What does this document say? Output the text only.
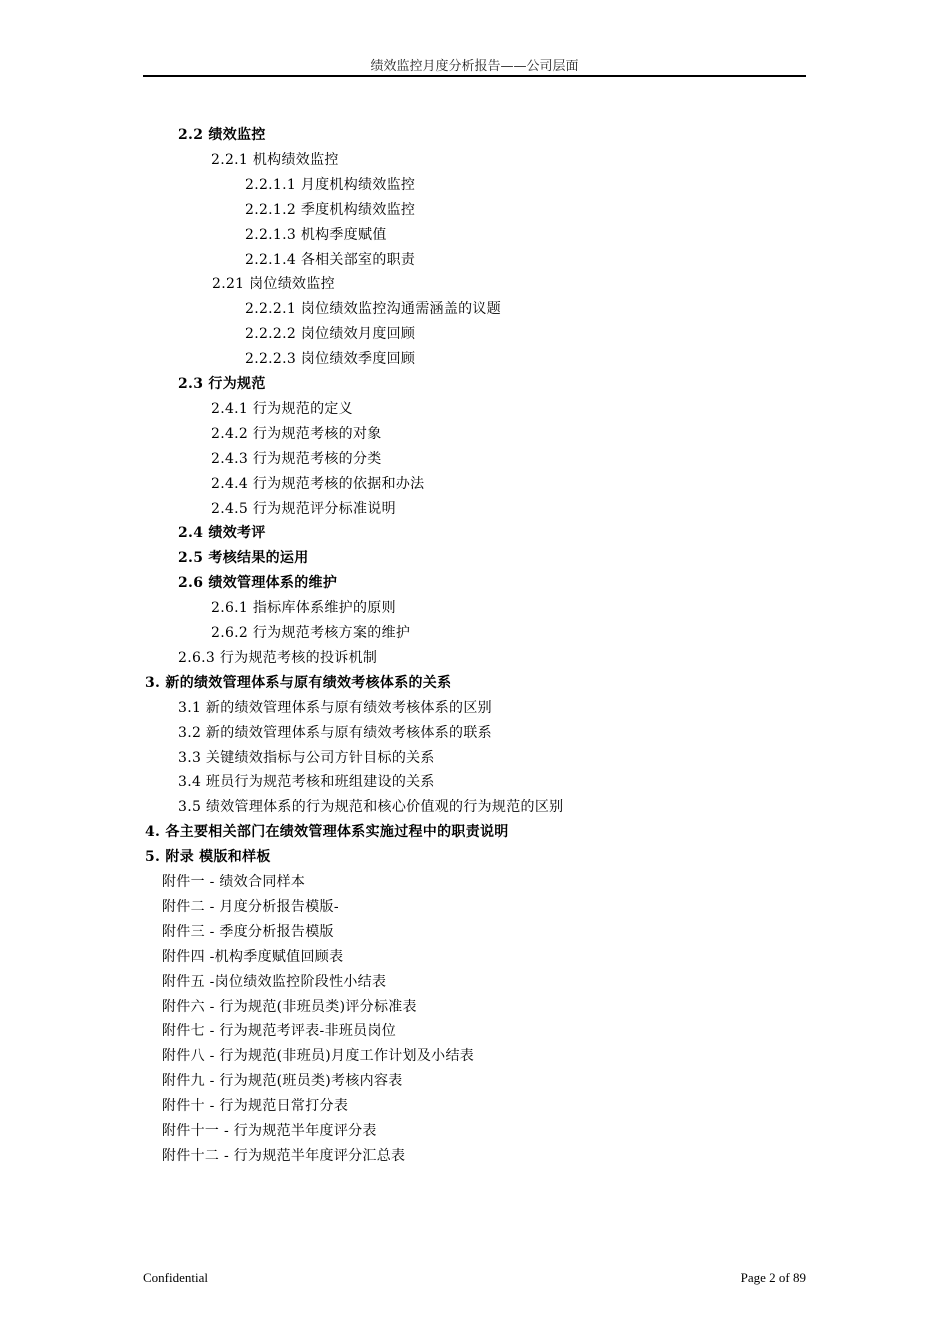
绩效监控月度分析报告——公司层面
2.2 绩效监控
2.2.1 机构绩效监控
2.2.1.1 月度机构绩效监控
2.2.1.2 季度机构绩效监控
2.2.1.3 机构季度赋值
2.2.1.4 各相关部室的职责
2.21 岗位绩效监控
2.2.2.1 岗位绩效监控沟通需涵盖的议题
2.2.2.2 岗位绩效月度回顾
2.2.2.3 岗位绩效季度回顾
2.3 行为规范
2.4.1 行为规范的定义
2.4.2 行为规范考核的对象
2.4.3 行为规范考核的分类
2.4.4 行为规范考核的依据和办法
2.4.5 行为规范评分标准说明
2.4 绩效考评
2.5 考核结果的运用
2.6 绩效管理体系的维护
2.6.1 指标库体系维护的原则
2.6.2 行为规范考核方案的维护
2.6.3 行为规范考核的投诉机制
3. 新的绩效管理体系与原有绩效考核体系的关系
3.1 新的绩效管理体系与原有绩效考核体系的区别
3.2 新的绩效管理体系与原有绩效考核体系的联系
3.3 关键绩效指标与公司方针目标的关系
3.4 班员行为规范考核和班组建设的关系
3.5 绩效管理体系的行为规范和核心价值观的行为规范的区别
4. 各主要相关部门在绩效管理体系实施过程中的职责说明
5. 附录 模版和样板
附件一 - 绩效合同样本
附件二 - 月度分析报告模版-
附件三 - 季度分析报告模版
附件四 -机构季度赋值回顾表
附件五 -岗位绩效监控阶段性小结表
附件六 - 行为规范(非班员类)评分标准表
附件七 - 行为规范考评表-非班员岗位
附件八 - 行为规范(非班员)月度工作计划及小结表
附件九 - 行为规范(班员类)考核内容表
附件十 - 行为规范日常打分表
附件十一 - 行为规范半年度评分表
附件十二 - 行为规范半年度评分汇总表
Confidential	Page 2 of 89
